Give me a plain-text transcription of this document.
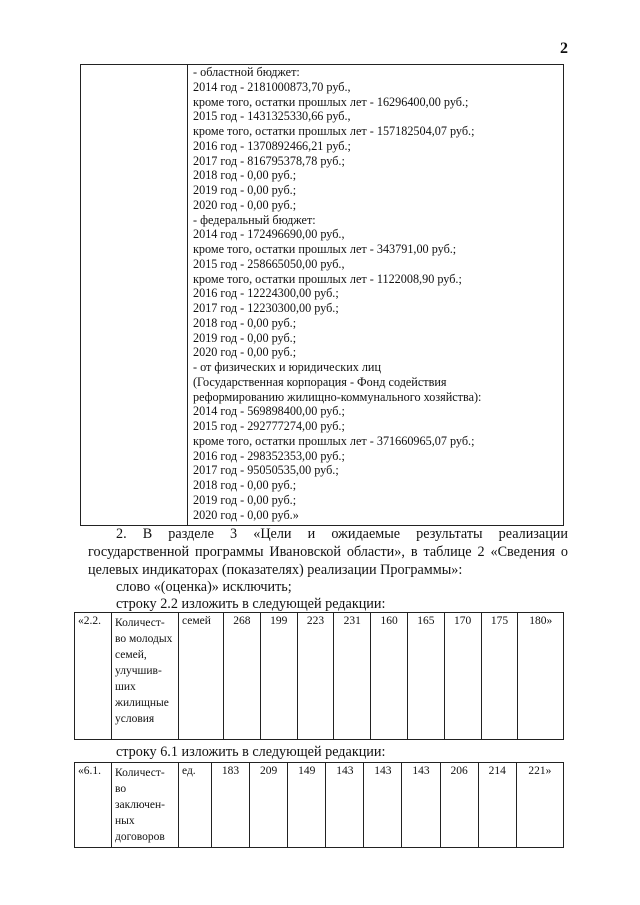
2
- областной бюджет:
2014 год - 2181000873,70 руб.,
кроме того, остатки прошлых лет - 16296400,00 руб.;
2015 год - 1431325330,66 руб.,
кроме того, остатки прошлых лет - 157182504,07 руб.;
2016 год - 1370892466,21 руб.;
2017 год - 816795378,78 руб.;
2018 год - 0,00 руб.;
2019 год - 0,00 руб.;
2020 год - 0,00 руб.;
- федеральный бюджет:
2014 год - 172496690,00 руб.,
кроме того, остатки прошлых лет - 343791,00 руб.;
2015 год - 258665050,00 руб.,
кроме того, остатки прошлых лет - 1122008,90 руб.;
2016 год - 12224300,00 руб.;
2017 год - 12230300,00 руб.;
2018 год - 0,00 руб.;
2019 год - 0,00 руб.;
2020 год - 0,00 руб.;
- от физических и юридических лиц
(Государственная корпорация - Фонд содействия
реформированию жилищно-коммунального хозяйства):
2014 год - 569898400,00 руб.;
2015 год - 292777274,00 руб.;
кроме того, остатки прошлых лет - 371660965,07 руб.;
2016 год - 298352353,00 руб.;
2017 год - 95050535,00 руб.;
2018 год - 0,00 руб.;
2019 год - 0,00 руб.;
2020 год - 0,00 руб.»
2. В разделе 3 «Цели и ожидаемые результаты реализации государственной программы Ивановской области», в таблице 2 «Сведения о целевых индикаторах (показателях) реализации Программы»:
слово «(оценка)» исключить;
строку 2.2 изложить в следующей редакции:
«2.2.	Количест-во молодых семей, улучшив-ших жилищные условия	семей	268	199	223	231	160	165	170	175	180»
строку 6.1 изложить в следующей редакции:
«6.1.	Количест-во заключен-ных договоров	ед.	183	209	149	143	143	143	206	214	221»
